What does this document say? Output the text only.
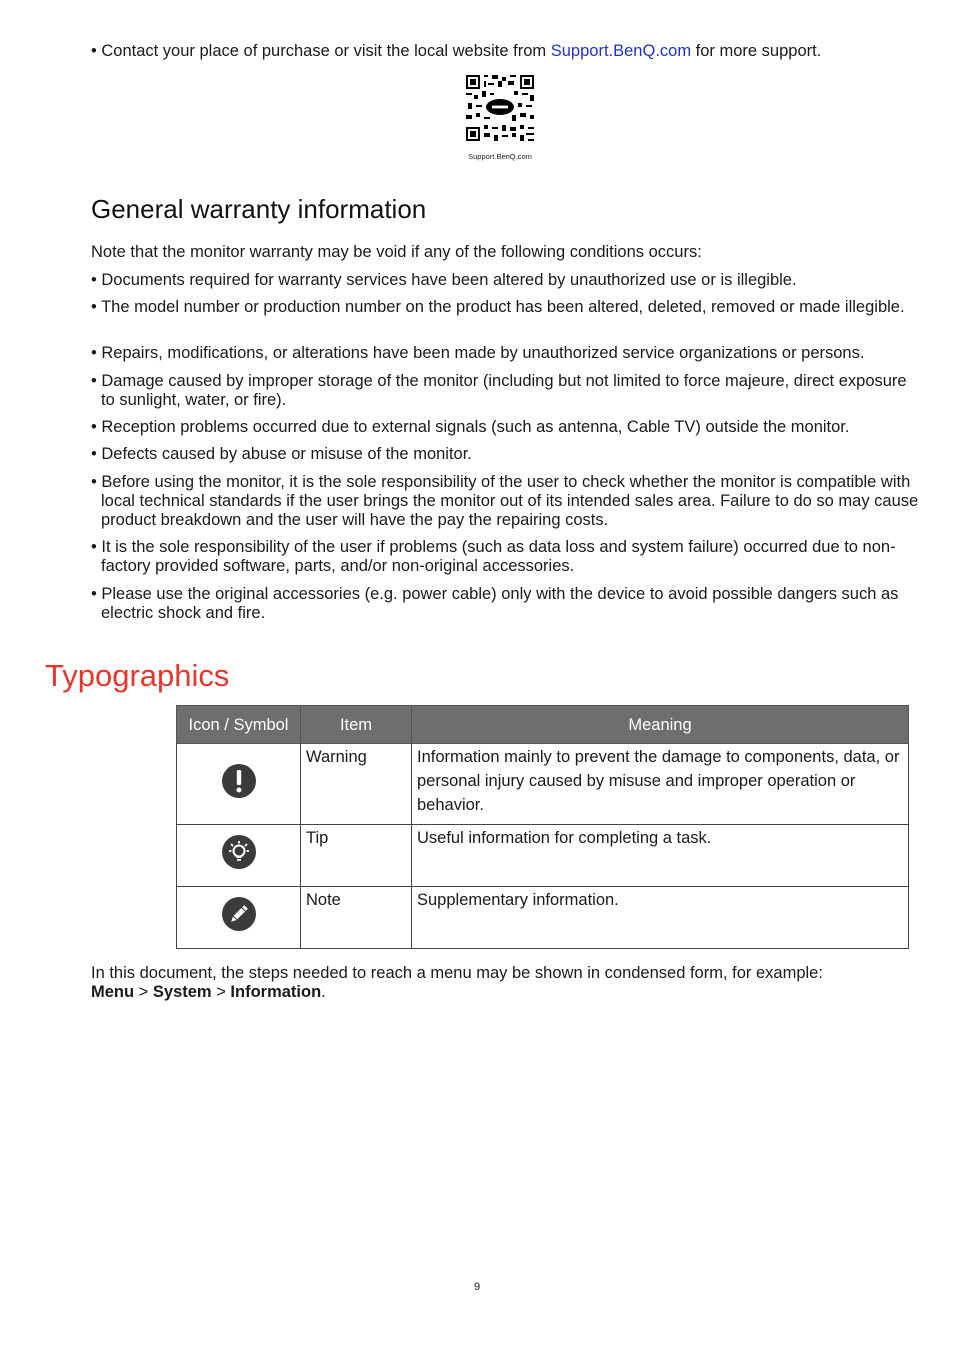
• Contact your place of purchase or visit the local website from Support.BenQ.com for more support.
Support.BenQ.com
General warranty information
Note that the monitor warranty may be void if any of the following conditions occurs:
• Documents required for warranty services have been altered by unauthorized use or is illegible.
• The model number or production number on the product has been altered, deleted, removed or made illegible.
• Repairs, modifications, or alterations have been made by unauthorized service organizations or persons.
• Damage caused by improper storage of the monitor (including but not limited to force majeure, direct exposure to sunlight, water, or fire).
• Reception problems occurred due to external signals (such as antenna, Cable TV) outside the monitor.
• Defects caused by abuse or misuse of the monitor.
• Before using the monitor, it is the sole responsibility of the user to check whether the monitor is compatible with local technical standards if the user brings the monitor out of its intended sales area. Failure to do so may cause product breakdown and the user will have the pay the repairing costs.
• It is the sole responsibility of the user if problems (such as data loss and system failure) occurred due to non-factory provided software, parts, and/or non-original accessories.
• Please use the original accessories (e.g. power cable) only with the device to avoid possible dangers such as electric shock and fire.
Typographics
Icon / Symbol	Item	Meaning
	Warning	Information mainly to prevent the damage to components, data, or personal injury caused by misuse and improper operation or behavior.
	Tip	Useful information for completing a task.
	Note	Supplementary information.
In this document, the steps needed to reach a menu may be shown in condensed form, for example:
Menu > System > Information.
9
